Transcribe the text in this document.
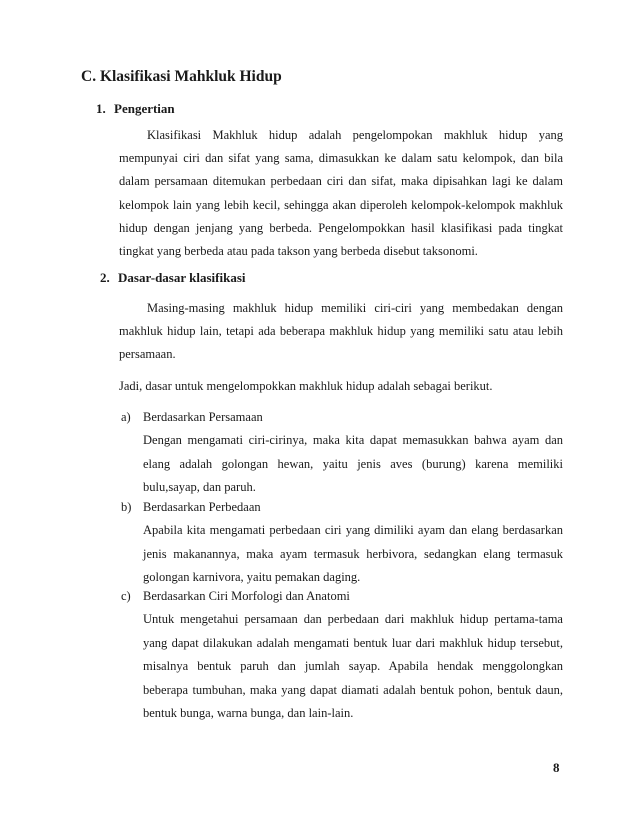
C. Klasifikasi Mahkluk Hidup
1. Pengertian

Klasifikasi Makhluk hidup adalah pengelompokan makhluk hidup yang mempunyai ciri dan sifat yang sama, dimasukkan ke dalam satu kelompok, dan bila dalam persamaan ditemukan perbedaan ciri dan sifat, maka dipisahkan lagi ke dalam kelompok lain yang lebih kecil, sehingga akan diperoleh kelompok-kelompok makhluk hidup dengan jenjang yang berbeda. Pengelompokkan hasil klasifikasi pada tingkat tingkat yang berbeda atau pada takson yang berbeda disebut taksonomi.

2. Dasar-dasar klasifikasi

Masing-masing makhluk hidup memiliki ciri-ciri yang membedakan dengan makhluk hidup lain, tetapi ada beberapa makhluk hidup yang memiliki satu atau lebih persamaan.

Jadi, dasar untuk mengelompokkan makhluk hidup adalah sebagai berikut.

a) Berdasarkan Persamaan

Dengan mengamati ciri-cirinya, maka kita dapat memasukkan bahwa ayam dan elang adalah golongan hewan, yaitu jenis aves (burung) karena memiliki bulu,sayap, dan paruh.

b) Berdasarkan Perbedaan

Apabila kita mengamati perbedaan ciri yang dimiliki ayam dan elang berdasarkan jenis makanannya, maka ayam termasuk herbivora, sedangkan elang termasuk golongan karnivora, yaitu pemakan daging.

c) Berdasarkan Ciri Morfologi dan Anatomi

Untuk mengetahui persamaan dan perbedaan dari makhluk hidup pertama-tama yang dapat dilakukan adalah mengamati bentuk luar dari makhluk hidup tersebut, misalnya bentuk paruh dan jumlah sayap. Apabila hendak menggolongkan beberapa tumbuhan, maka yang dapat diamati adalah bentuk pohon, bentuk daun, bentuk bunga, warna bunga, dan lain-lain.

8
